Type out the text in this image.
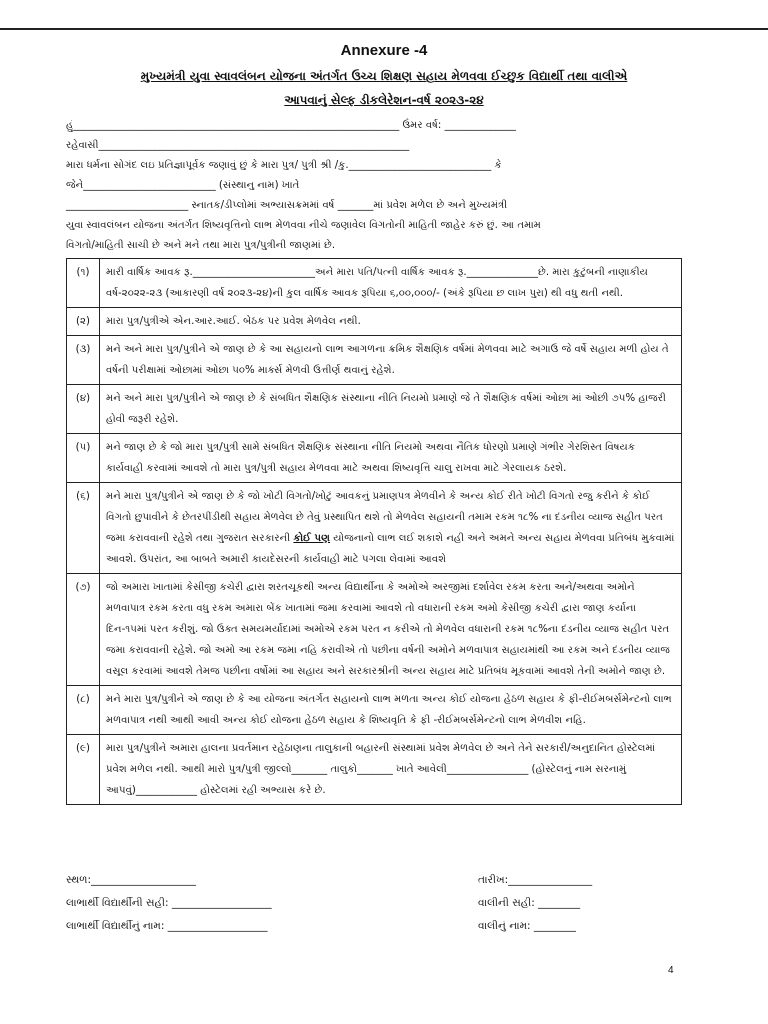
Annexure -4
મુખ્યમંત્રી યુવા સ્વાવલંબન યોજના અંતર્ગત ઉચ્ચ શિક્ષણ સહાય મેળવવા ઈચ્છુક વિદ્યાર્થી તથા વાલીએ
આપવાનું સેલ્ફ ડીકલેરેશન-વર્ષ ૨૦૨૩-૨૪

હું________________________________________________________________ ઉંમર વર્ષ: ______________

રહેવાસી_____________________________________________________________

મારા ધર્મના સોગંદ લઇ પ્રતિજ્ઞાપૂર્વક જણાવું છું કે મારા પુત્ર/ પુત્રી શ્રી /કુ.____________________________ કે

જેને__________________________ (સંસ્થાનુ નામ) ખાતે

________________________ સ્નાતક/ડીપ્લોમાં અભ્યાસક્રમમાં વર્ષ _______માં પ્રવેશ મળેલ છે અને મુખ્યમંત્રી

યુવા સ્વાવલંબન યોજના અંતર્ગત શિષ્યવૃત્તિનો લાભ મેળવવા નીચે જણાવેલ વિગતોની માહિતી જાહેર કરું છું. આ તમામ

વિગતો/માહિતી સાચી છે અને મને તથા મારા પુત્ર/પુત્રીની જાણમાં છે.

(૧)	મારી વાર્ષિક આવક રૂ.________________________અને મારા પતિ/પત્ની વાર્ષિક આવક રૂ.______________છે. મારા કુટુંબની નાણાકીય વર્ષ-૨૦૨૨-૨૩ (આકારણી વર્ષ ૨૦૨૩-૨૪)ની કુલ વાર્ષિક આવક રૂપિયા ૬,૦૦,૦૦૦/- (અંકે રૂપિયા છ લાખ પુરા) થી વધુ થતી નથી.
(૨)	મારા પુત્ર/પુત્રીએ એન.આર.આઈ. બેઠક પર પ્રવેશ મેળવેલ નથી.
(૩)	મને અને મારા પુત્ર/પુત્રીને એ જાણ છે કે આ સહાયનો લાભ આગળના ક્રમિક શૈક્ષણિક વર્ષમાં મેળવવા માટે અગાઉ જે વર્ષે સહાય મળી હોય તે વર્ષની પરીક્ષામાં ઓછામાં ઓછા ૫૦% માર્ક્સ મેળવી ઉત્તીર્ણ થવાનું રહેશે.
(૪)	મને અને મારા પુત્ર/પુત્રીને એ જાણ છે કે સંબધિત શૈક્ષણિક સંસ્થાના નીતિ નિયમો પ્રમાણે જે તે શૈક્ષણિક વર્ષમાં ઓછા માં ઓછી ૭૫% હાજરી હોવી જરૂરી રહેશે.
(૫)	મને જાણ છે કે જો મારા પુત્ર/પુત્રી સામે સંબધિત શૈક્ષણિક સંસ્થાના નીતિ નિયમો અથવા નૈતિક ધોરણો પ્રમાણે ગંભીર ગેરશિસ્ત વિષયક કાર્યવાહી કરવામાં આવશે તો મારા પુત્ર/પુત્રી સહાય મેળવવા માટે અથવા શિષ્યવૃત્તિ ચાલુ રાખવા માટે ગેરલાયક ઠરશે.
(૬)	મને મારા પુત્ર/પુત્રીને એ જાણ છે કે જો ખોટી વિગતો/ખોટું આવકનું પ્રમાણપત્ર મેળવીને કે અન્ય કોઈ રીતે ખોટી વિગતો રજુ કરીને કે કોઈ વિગતો છુપાવીને કે છેતરપીંડીથી સહાય મેળવેલ છે તેવું પ્રસ્થાપિત થશે તો મેળવેલ સહાયની તમામ રકમ ૧૮% ના દંડનીય વ્યાજ સહીત પરત જમા કરાવવાની રહેશે તથા ગુજરાત સરકારની કોઈ પણ યોજનાનો લાભ લઈ શકાશે નહી અને અમને અન્ય સહાય મેળવવા પ્રતિબંધ મુકવામાં આવશે. ઉપરાંત, આ બાબતે અમારી કાયદેસરની કાર્યવાહી માટે પગલા લેવામાં આવશે
(૭)	જો અમારા ખાતામાં કેસીજી કચેરી દ્વારા શરતચૂકથી અન્ય વિદ્યાર્થીના કે અમોએ અરજીમાં દર્શાવેલ રકમ કરતા અને/અથવા અમોને મળવાપાત્ર રકમ કરતા વધુ રકમ અમારા બેંક ખાતામાં જમા કરવામાં આવશે તો વધારાની રકમ અમો કેસીજી કચેરી દ્વારા જાણ કર્યાના દિન-૧૫માં પરત કરીશું. જો ઉક્ત સમયમર્યાદામાં અમોએ રકમ પરત ન કરીએ તો મેળવેલ વધારાની રકમ ૧૮%ના દંડનીય વ્યાજ સહીત પરત જમા કરાવવાની રહેશે. જો અમો આ રકમ જમા નહિ કરાવીએ તો પછીના વર્ષની અમોને મળવાપાત્ર સહાયમાંથી આ રકમ અને દંડનીય વ્યાજ વસૂલ કરવામાં આવશે તેમજ પછીના વર્ષોમાં આ સહાય અને સરકારશ્રીની અન્ય સહાય માટે પ્રતિબંધ મૂકવામાં આવશે તેની અમોને જાણ છે.
(૮)	મને મારા પુત્ર/પુત્રીને એ જાણ છે કે આ યોજના અંતર્ગત સહાયનો લાભ મળતા અન્ય કોઈ યોજના હેઠળ સહાય કે ફી-રીઈમબર્સમેન્ટનો લાભ મળવાપાત્ર નથી આથી આવી અન્ય કોઈ યોજના હેઠળ સહાય કે શિષ્યવૃતિ કે ફી -રીઈમબર્સમેન્ટનો લાભ મેળવીશ નહિ.
(૯)	મારા પુત્ર/પુત્રીને અમારા હાલના પ્રવર્તમાન રહેઠાણના તાલુકાની બહારની સંસ્થામાં પ્રવેશ મેળવેલ છે અને તેને સરકારી/અનુદાનિત હોસ્ટેલમાં પ્રવેશ મળેલ નથી. આથી મારો પુત્ર/પુત્રી જીલ્લો_______ તાલુકો_______ ખાતે આવેલી________________ (હોસ્ટેલનું નામ સરનામું આપવું)____________ હોસ્ટેલમાં રહી અભ્યાસ કરે છે.
સ્થળ:____________________	તારીખ:________________
લાભાર્થી વિદ્યાર્થીની સહી: ___________________	વાલીની સહી: ________
લાભાર્થી વિદ્યાર્થીનું નામ: ___________________	વાલીનું નામ: ________
4
